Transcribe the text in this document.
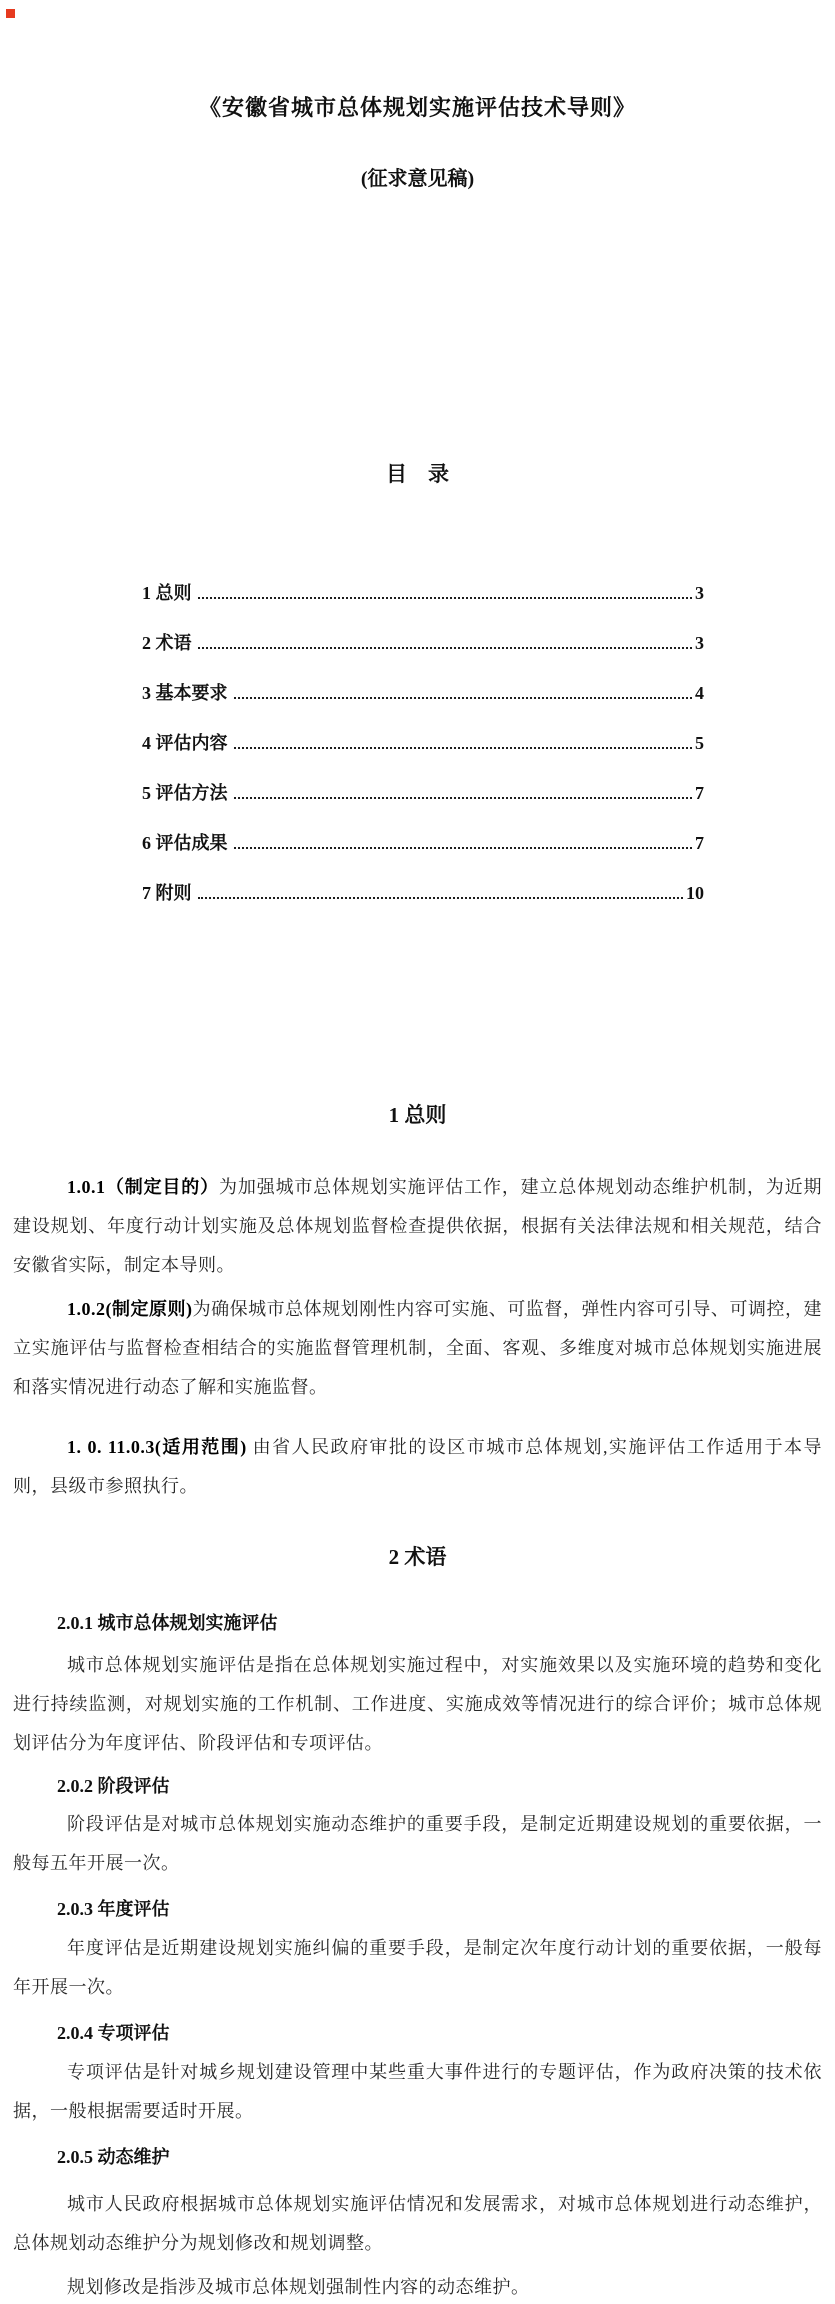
《安徽省城市总体规划实施评估技术导则》
(征求意见稿)
目　录
1 总则	3
2 术语	3
3 基本要求	4
4 评估内容	5
5 评估方法	7
6 评估成果	7
7 附则	10
1 总则

1.0.1（制定目的）为加强城市总体规划实施评估工作，建立总体规划动态维护机制，为近期建设规划、年度行动计划实施及总体规划监督检查提供依据，根据有关法律法规和相关规范，结合安徽省实际，制定本导则。

1.0.2(制定原则)为确保城市总体规划刚性内容可实施、可监督，弹性内容可引导、可调控，建立实施评估与监督检查相结合的实施监督管理机制，全面、客观、多维度对城市总体规划实施进展和落实情况进行动态了解和实施监督。

1. 0. 11.0.3(适用范围) 由省人民政府审批的设区市城市总体规划,实施评估工作适用于本导则，县级市参照执行。

2 术语
2.0.1 城市总体规划实施评估

城市总体规划实施评估是指在总体规划实施过程中，对实施效果以及实施环境的趋势和变化进行持续监测，对规划实施的工作机制、工作进度、实施成效等情况进行的综合评价；城市总体规划评估分为年度评估、阶段评估和专项评估。

2.0.2 阶段评估

阶段评估是对城市总体规划实施动态维护的重要手段，是制定近期建设规划的重要依据，一般每五年开展一次。

2.0.3 年度评估

年度评估是近期建设规划实施纠偏的重要手段，是制定次年度行动计划的重要依据，一般每年开展一次。

2.0.4 专项评估

专项评估是针对城乡规划建设管理中某些重大事件进行的专题评估，作为政府决策的技术依据，一般根据需要适时开展。

2.0.5 动态维护

城市人民政府根据城市总体规划实施评估情况和发展需求，对城市总体规划进行动态维护，总体规划动态维护分为规划修改和规划调整。

规划修改是指涉及城市总体规划强制性内容的动态维护。
